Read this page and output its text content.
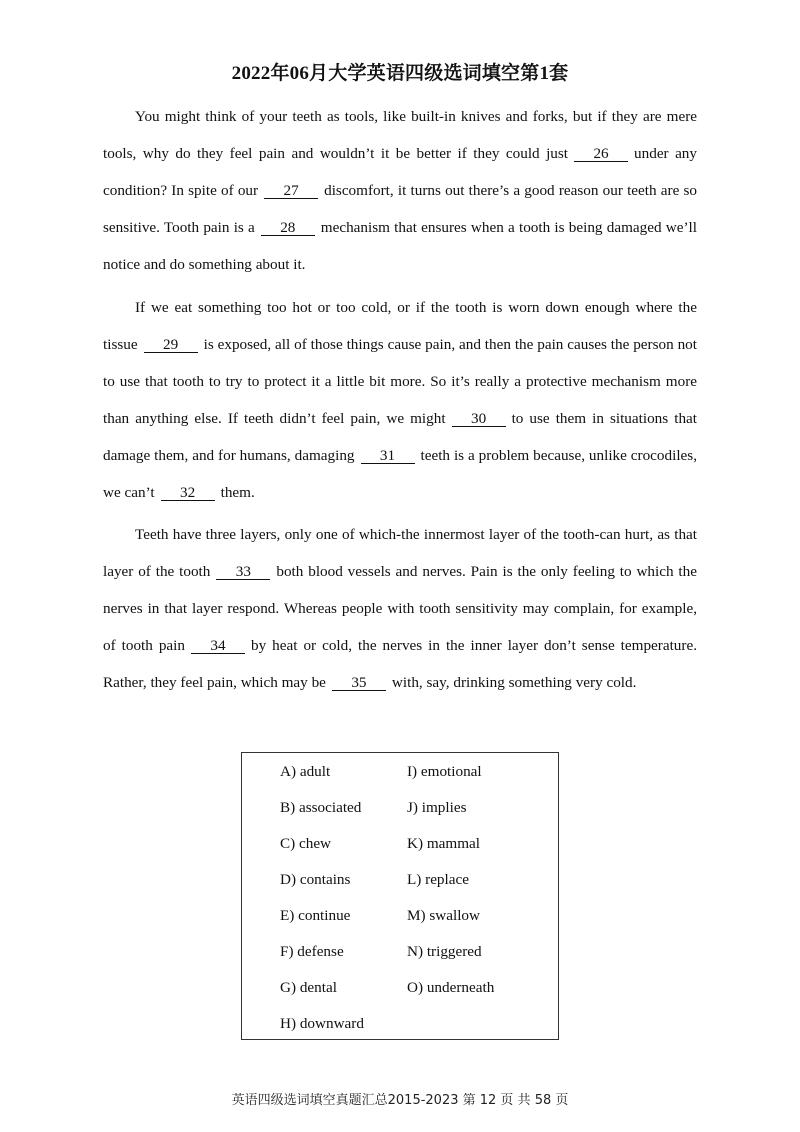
2022年06月大学英语四级选词填空第1套

You might think of your teeth as tools, like built-in knives and forks, but if they are mere tools, why do they feel pain and wouldn’t it be better if they could just 26 under any condition? In spite of our 27 discomfort, it turns out there’s a good reason our teeth are so sensitive. Tooth pain is a 28 mechanism that ensures when a tooth is being damaged we’ll notice and do something about it.

If we eat something too hot or too cold, or if the tooth is worn down enough where the tissue 29 is exposed, all of those things cause pain, and then the pain causes the person not to use that tooth to try to protect it a little bit more. So it’s really a protective mechanism more than anything else. If teeth didn’t feel pain, we might 30 to use them in situations that damage them, and for humans, damaging 31 teeth is a problem because, unlike crocodiles, we can’t 32 them.

Teeth have three layers, only one of which-the innermost layer of the tooth-can hurt, as that layer of the tooth 33 both blood vessels and nerves. Pain is the only feeling to which the nerves in that layer respond. Whereas people with tooth sensitivity may complain, for example, of tooth pain 34 by heat or cold, the nerves in the inner layer don’t sense temperature. Rather, they feel pain, which may be 35 with, say, drinking something very cold.

A) adult
B) associated
C) chew
D) contains
E) continue
F) defense
G) dental
H) downward
I) emotional
J) implies
K) mammal
L) replace
M) swallow
N) triggered
O) underneath
英语四级选词填空真题汇总2015-2023 第 12 页 共 58 页
